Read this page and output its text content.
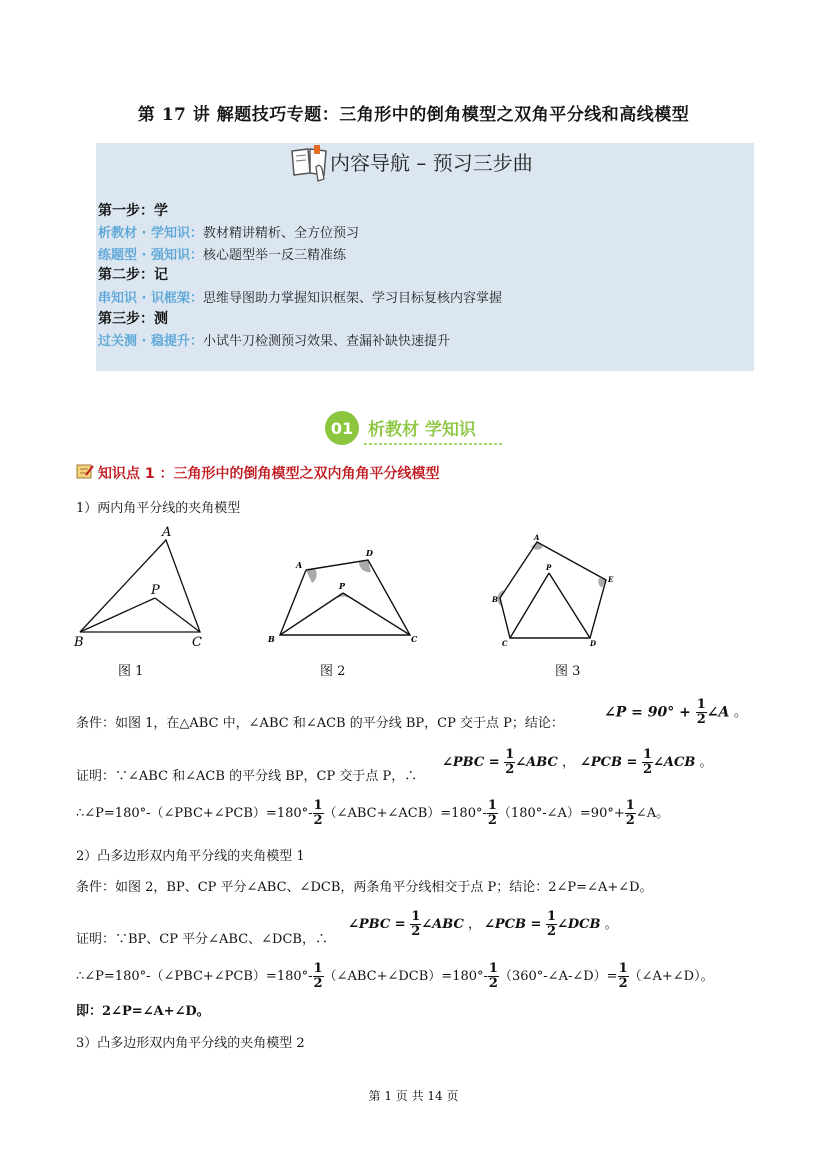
第 17 讲 解题技巧专题：三角形中的倒角模型之双角平分线和高线模型
内容导航 – 预习三步曲
第一步：学
析教材 · 学知识：教材精讲精析、全方位预习
练题型 · 强知识：核心题型举一反三精准练
第二步：记
串知识 · 识框架：思维导图助力掌握知识框架、学习目标复核内容掌握
第三步：测
过关测 · 稳提升：小试牛刀检测预习效果、查漏补缺快速提升
01 析教材 学知识
知识点 1 ：三角形中的倒角模型之双内角角平分线模型
1）两内角平分线的夹角模型
A
P
B	C
A
D
P
B	C
A
P
E
B
C	D
图 1	图 2	图 3
条件：如图 1，在△ABC 中，∠ABC 和∠ACB 的平分线 BP，CP 交于点 P；结论：
∠P = $90^\circ + \frac{1}{2}$ ∠A 。
证明：∵∠ABC 和∠ACB 的平分线 BP，CP 交于点 P，∴
∠PBC = $\frac{1}{2}$ ∠ABC ， ∠PCB = $\frac{1}{2}$ ∠ACB 。
∴∠P=180°-（∠PBC+∠PCB）=180°- $\frac{1}{2}$ （∠ABC+∠ACB）=180°- $\frac{1}{2}$ （180°-∠A）=90°+ $\frac{1}{2}$ ∠A。
2）凸多边形双内角平分线的夹角模型 1
条件：如图 2，BP、CP 平分∠ABC、∠DCB，两条角平分线相交于点 P；结论：2∠P=∠A+∠D。
证明：∵BP、CP 平分∠ABC、∠DCB，∴
∠PBC = $\frac{1}{2}$ ∠ABC ， ∠PCB = $\frac{1}{2}$ ∠DCB 。
∴∠P=180°-（∠PBC+∠PCB）=180°- $\frac{1}{2}$ （∠ABC+∠DCB）=180°- $\frac{1}{2}$ （360°-∠A-∠D）= $\frac{1}{2}$ （∠A+∠D）。
即：2∠P=∠A+∠D。
3）凸多边形双内角平分线的夹角模型 2
第 1 页 共 14 页
